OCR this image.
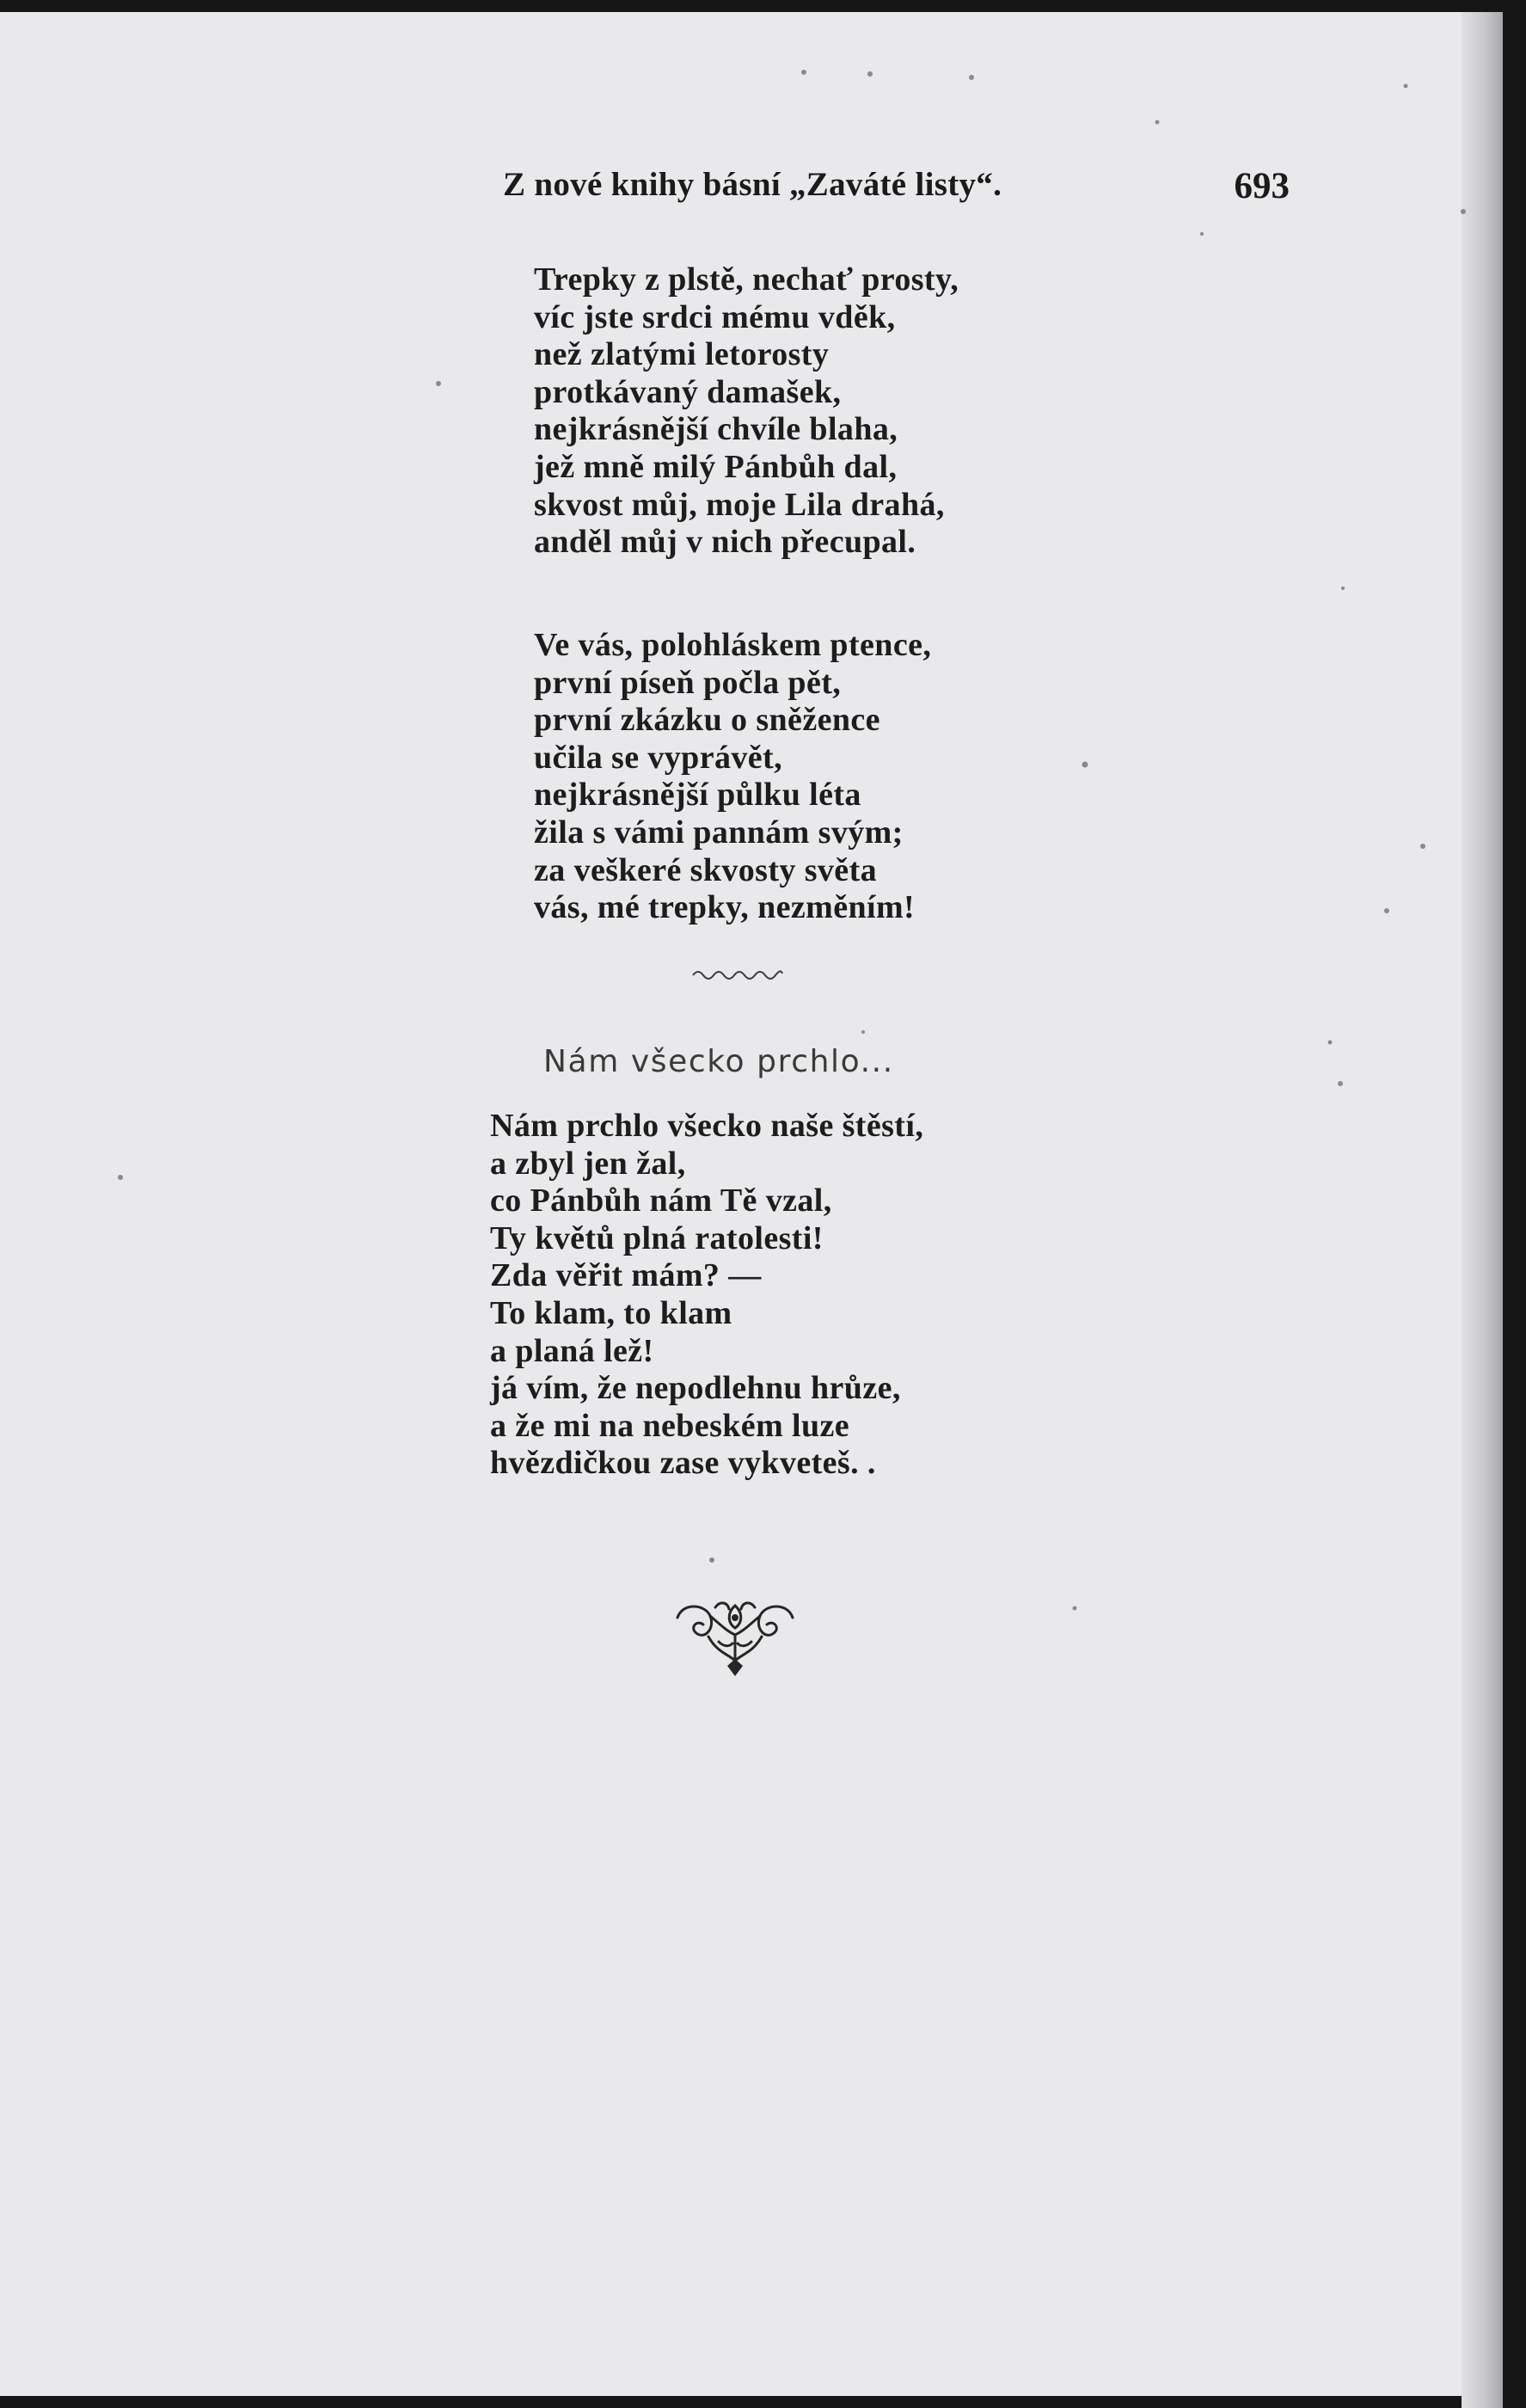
Z nové knihy básní „Zaváté listy“.	693
Trepky z plstě, nechať prosty,
víc jste srdci mému vděk,
než zlatými letorosty
protkávaný damašek,
nejkrásnější chvíle blaha,
jež mně milý Pánbůh dal,
skvost můj, moje Lila drahá,
anděl můj v nich přecupal.
Ve vás, polohláskem ptence,
první píseň počla pět,
první zkázku o sněžence
učila se vyprávět,
nejkrásnější půlku léta
žila s vámi pannám svým;
za veškeré skvosty světa
vás, mé trepky, nezměním!
Nám všecko prchlo...
Nám prchlo všecko naše štěstí,
a zbyl jen žal,
co Pánbůh nám Tě vzal,
Ty květů plná ratolesti!
Zda věřit mám? —
To klam, to klam
a planá lež!
já vím, že nepodlehnu hrůze,
a že mi na nebeském luze
hvězdičkou zase vykveteš. .
